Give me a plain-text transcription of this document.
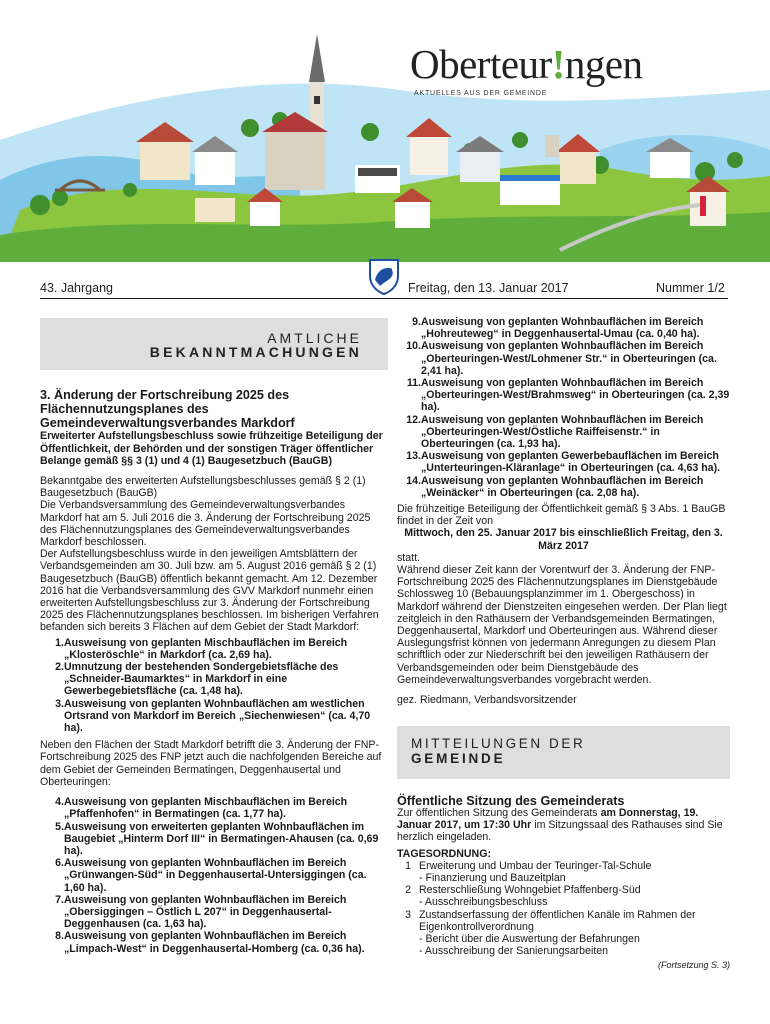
Oberteur!ngen
AKTUELLES AUS DER GEMEINDE
43. Jahrgang	Freitag, den 13. Januar 2017	Nummer 1/2
AMTLICHE
BEKANNTMACHUNGEN
3. Änderung der Fortschreibung 2025 des Flächennutzungsplanes des Gemeindeverwaltungsverbandes Markdorf

Erweiterter Aufstellungsbeschluss sowie frühzeitige Beteiligung der Öffentlichkeit, der Behörden und der sonstigen Träger öffentlicher Belange gemäß §§ 3 (1) und 4 (1) Baugesetzbuch (BauGB)

Bekanntgabe des erweiterten Aufstellungsbeschlusses gemäß § 2 (1) Baugesetzbuch (BauGB)

Die Verbandsversammlung des Gemeindeverwaltungsverbandes Markdorf hat am 5. Juli 2016 die 3. Änderung der Fortschreibung 2025 des Flächennutzungsplanes des Gemeindeverwaltungsverbandes Markdorf beschlossen.

Der Aufstellungsbeschluss wurde in den jeweiligen Amtsblättern der Verbandsgemeinden am 30. Juli bzw. am 5. August 2016 gemäß § 2 (1) Baugesetzbuch (BauGB) öffentlich bekannt gemacht. Am 12. Dezember 2016 hat die Verbandsversammlung des GVV Markdorf nunmehr einen erweiterten Aufstellungsbeschluss zur 3. Änderung der Fortschreibung 2025 des Flächennutzungsplanes beschlossen. Im bisherigen Verfahren befanden sich bereits 3 Flächen auf dem Gebiet der Stadt Markdorf:

1.Ausweisung von geplanten Mischbauflächen im Bereich „Klosteröschle“ in Markdorf (ca. 2,69 ha).
2.Umnutzung der bestehenden Sondergebietsfläche des „Schneider-Baumarktes“ in Markdorf in eine Gewerbegebietsfläche (ca. 1,48 ha).
3.Ausweisung von geplanten Wohnbauflächen am westlichen Ortsrand von Markdorf im Bereich „Siechenwiesen“ (ca. 4,70 ha).

Neben den Flächen der Stadt Markdorf betrifft die 3. Änderung der FNP-Fortschreibung 2025 des FNP jetzt auch die nachfolgenden Bereiche auf dem Gebiet der Gemeinden Bermatingen, Deggenhausertal und Oberteuringen:

4.Ausweisung von geplanten Mischbauflächen im Bereich „Pfaffenhofen“ in Bermatingen (ca. 1,77 ha).
5.Ausweisung von erweiterten geplanten Wohnbauflächen im Baugebiet „Hinterm Dorf III“ in Bermatingen-Ahausen (ca. 0,69 ha).
6.Ausweisung von geplanten Wohnbauflächen im Bereich „Grünwangen-Süd“ in Deggenhausertal-Untersiggingen (ca. 1,60 ha).
7.Ausweisung von geplanten Wohnbauflächen im Bereich „Obersiggingen – Östlich L 207“ in Deggenhausertal-Deggenhausen (ca. 1,63 ha).
8.Ausweisung von geplanten Wohnbauflächen im Bereich „Limpach-West“ in Deggenhausertal-Homberg (ca. 0,36 ha).
9.Ausweisung von geplanten Wohnbauflächen im Bereich „Hohreuteweg“ in Deggenhausertal-Umau (ca. 0,40 ha).
10.Ausweisung von geplanten Wohnbauflächen im Bereich „Oberteuringen-West/Lohmener Str.“ in Oberteuringen (ca. 2,41 ha).
11.Ausweisung von geplanten Wohnbauflächen im Bereich „Oberteuringen-West/Brahmsweg“ in Oberteuringen (ca. 2,39 ha).
12.Ausweisung von geplanten Wohnbauflächen im Bereich „Oberteuringen-West/Östliche Raiffeisenstr.“ in Oberteuringen (ca. 1,93 ha).
13.Ausweisung von geplanten Gewerbebauflächen im Bereich „Unterteuringen-Kläranlage“ in Oberteuringen (ca. 4,63 ha).
14.Ausweisung von geplanten Wohnbauflächen im Bereich „Weinäcker“ in Oberteuringen (ca. 2,08 ha).

Die frühzeitige Beteiligung der Öffentlichkeit gemäß § 3 Abs. 1 BauGB findet in der Zeit von

Mittwoch, den 25. Januar 2017 bis einschließlich Freitag, den 3. März 2017

statt.

Während dieser Zeit kann der Vorentwurf der 3. Änderung der FNP-Fortschreibung 2025 des Flächennutzungsplanes im Dienstgebäude Schlossweg 10 (Bebauungsplanzimmer im 1. Obergeschoss) in Markdorf während der Dienstzeiten eingesehen werden. Der Plan liegt zeitgleich in den Rathäusern der Verbandsgemeinden Bermatingen, Deggenhausertal, Markdorf und Oberteuringen aus. Während dieser Auslegungsfrist können von jedermann Anregungen zu diesem Plan schriftlich oder zur Niederschrift bei den jeweiligen Rathäusern der Verbandsgemeinden oder beim Dienstgebäude des Gemeindeverwaltungsverbandes vorgebracht werden.

gez. Riedmann, Verbandsvorsitzender

MITTEILUNGEN DER
GEMEINDE
Öffentliche Sitzung des Gemeinderats

Zur öffentlichen Sitzung des Gemeinderats am Donnerstag, 19. Januar 2017, um 17:30 Uhr im Sitzungssaal des Rathauses sind Sie herzlich eingeladen.

TAGESORDNUNG:

1 Erweiterung und Umbau der Teuringer-Tal-Schule
- Finanzierung und Bauzeitplan
2 Resterschließung Wohngebiet Pfaffenberg-Süd
- Ausschreibungsbeschluss
3 Zustandserfassung der öffentlichen Kanäle im Rahmen der Eigenkontrollverordnung
- Bericht über die Auswertung der Befahrungen
- Ausschreibung der Sanierungsarbeiten

(Fortsetzung S. 3)
